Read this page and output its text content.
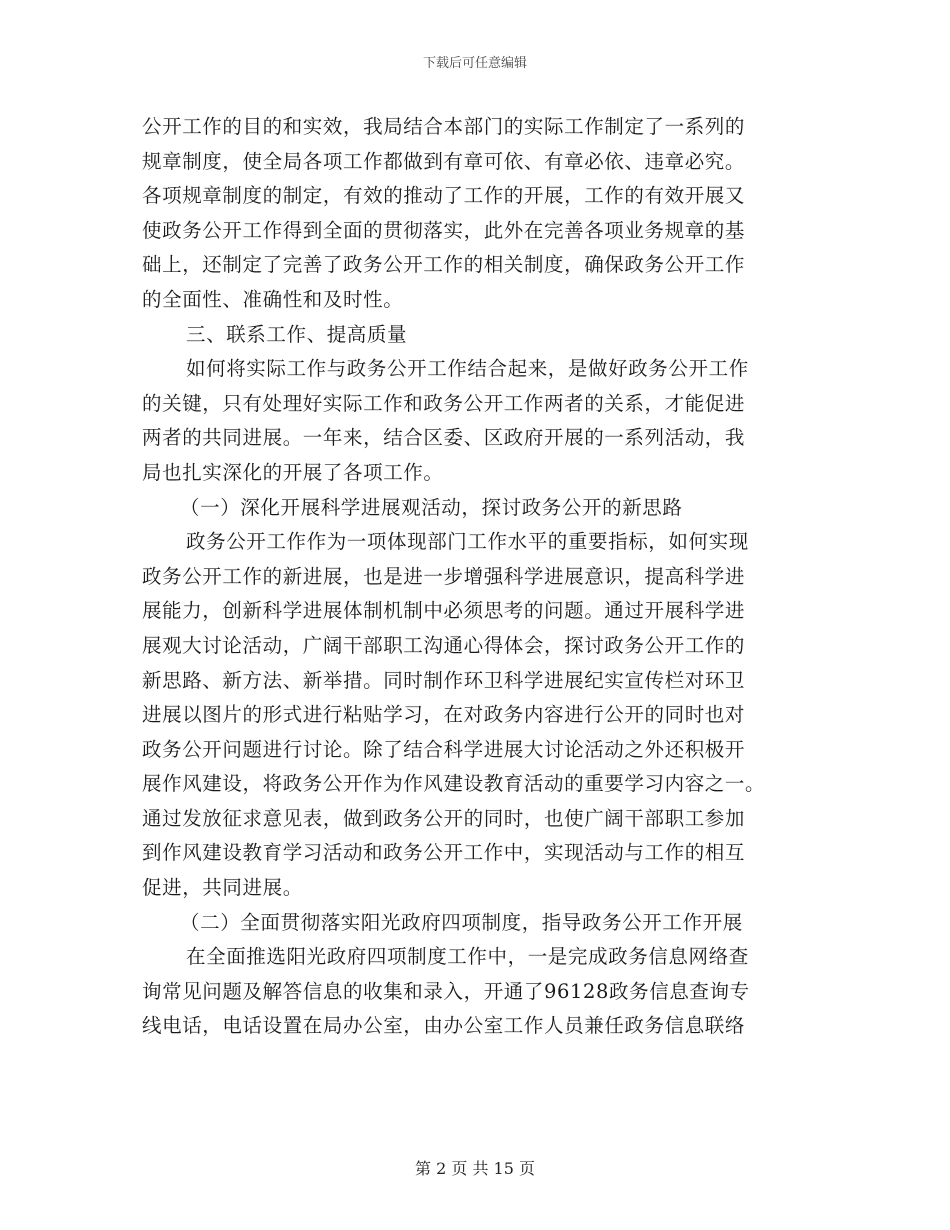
下载后可任意编辑
公开工作的目的和实效，我局结合本部门的实际工作制定了一系列的
规章制度，使全局各项工作都做到有章可依、有章必依、违章必究。
各项规章制度的制定，有效的推动了工作的开展，工作的有效开展又
使政务公开工作得到全面的贯彻落实，此外在完善各项业务规章的基
础上，还制定了完善了政务公开工作的相关制度，确保政务公开工作
的全面性、准确性和及时性。
三、联系工作、提高质量
如何将实际工作与政务公开工作结合起来，是做好政务公开工作
的关键，只有处理好实际工作和政务公开工作两者的关系，才能促进
两者的共同进展。一年来，结合区委、区政府开展的一系列活动，我
局也扎实深化的开展了各项工作。
（一）深化开展科学进展观活动，探讨政务公开的新思路
政务公开工作作为一项体现部门工作水平的重要指标，如何实现
政务公开工作的新进展，也是进一步增强科学进展意识，提高科学进
展能力，创新科学进展体制机制中必须思考的问题。通过开展科学进
展观大讨论活动，广阔干部职工沟通心得体会，探讨政务公开工作的
新思路、新方法、新举措。同时制作环卫科学进展纪实宣传栏对环卫
进展以图片的形式进行粘贴学习，在对政务内容进行公开的同时也对
政务公开问题进行讨论。除了结合科学进展大讨论活动之外还积极开
展作风建设，将政务公开作为作风建设教育活动的重要学习内容之一。
通过发放征求意见表，做到政务公开的同时，也使广阔干部职工参加
到作风建设教育学习活动和政务公开工作中，实现活动与工作的相互
促进，共同进展。
（二）全面贯彻落实阳光政府四项制度，指导政务公开工作开展
在全面推选阳光政府四项制度工作中，一是完成政务信息网络查
询常见问题及解答信息的收集和录入，开通了96128政务信息查询专
线电话，电话设置在局办公室，由办公室工作人员兼任政务信息联络
第 2 页 共 15 页
